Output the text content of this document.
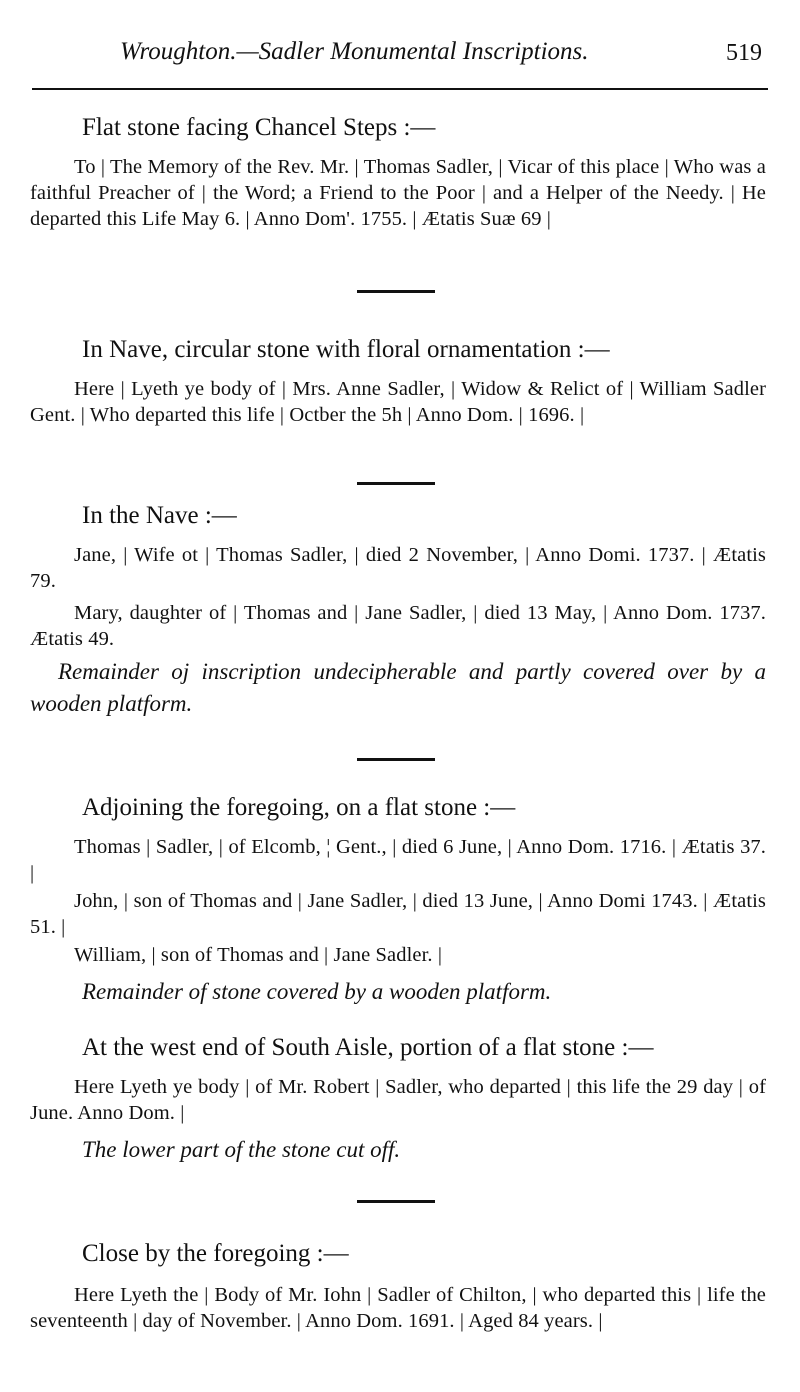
Wroughton.—Sadler Monumental Inscriptions.	519
Flat stone facing Chancel Steps :—
To | The Memory of the Rev. Mr. | Thomas Sadler, | Vicar of this place | Who was a faithful Preacher of | the Word; a Friend to the Poor | and a Helper of the Needy. | He departed this Life May 6. | Anno Dom'. 1755. | Ætatis Suæ 69 |
In Nave, circular stone with floral ornamentation :—
Here | Lyeth ye body of | Mrs. Anne Sadler, | Widow & Relict of | William Sadler Gent. | Who departed this life | Octber the 5h | Anno Dom. | 1696. |
In the Nave :—
Jane, | Wife ot | Thomas Sadler, | died 2 November, | Anno Domi. 1737. | Ætatis 79.
Mary, daughter of | Thomas and | Jane Sadler, | died 13 May, | Anno Dom. 1737. Ætatis 49.
Remainder oj inscription undecipherable and partly covered over by a wooden platform.
Adjoining the foregoing, on a flat stone :—
Thomas | Sadler, | of Elcomb, ¦ Gent., | died 6 June, | Anno Dom. 1716. | Ætatis 37. |
John, | son of Thomas and | Jane Sadler, | died 13 June, | Anno Domi 1743. | Ætatis 51. |
William, | son of Thomas and | Jane Sadler. |
Remainder of stone covered by a wooden platform.
At the west end of South Aisle, portion of a flat stone :—
Here Lyeth ye body | of Mr. Robert | Sadler, who departed | this life the 29 day | of June. Anno Dom. |
The lower part of the stone cut off.
Close by the foregoing :—
Here Lyeth the | Body of Mr. Iohn | Sadler of Chilton, | who departed this | life the seventeenth | day of November. | Anno Dom. 1691. | Aged 84 years. |
